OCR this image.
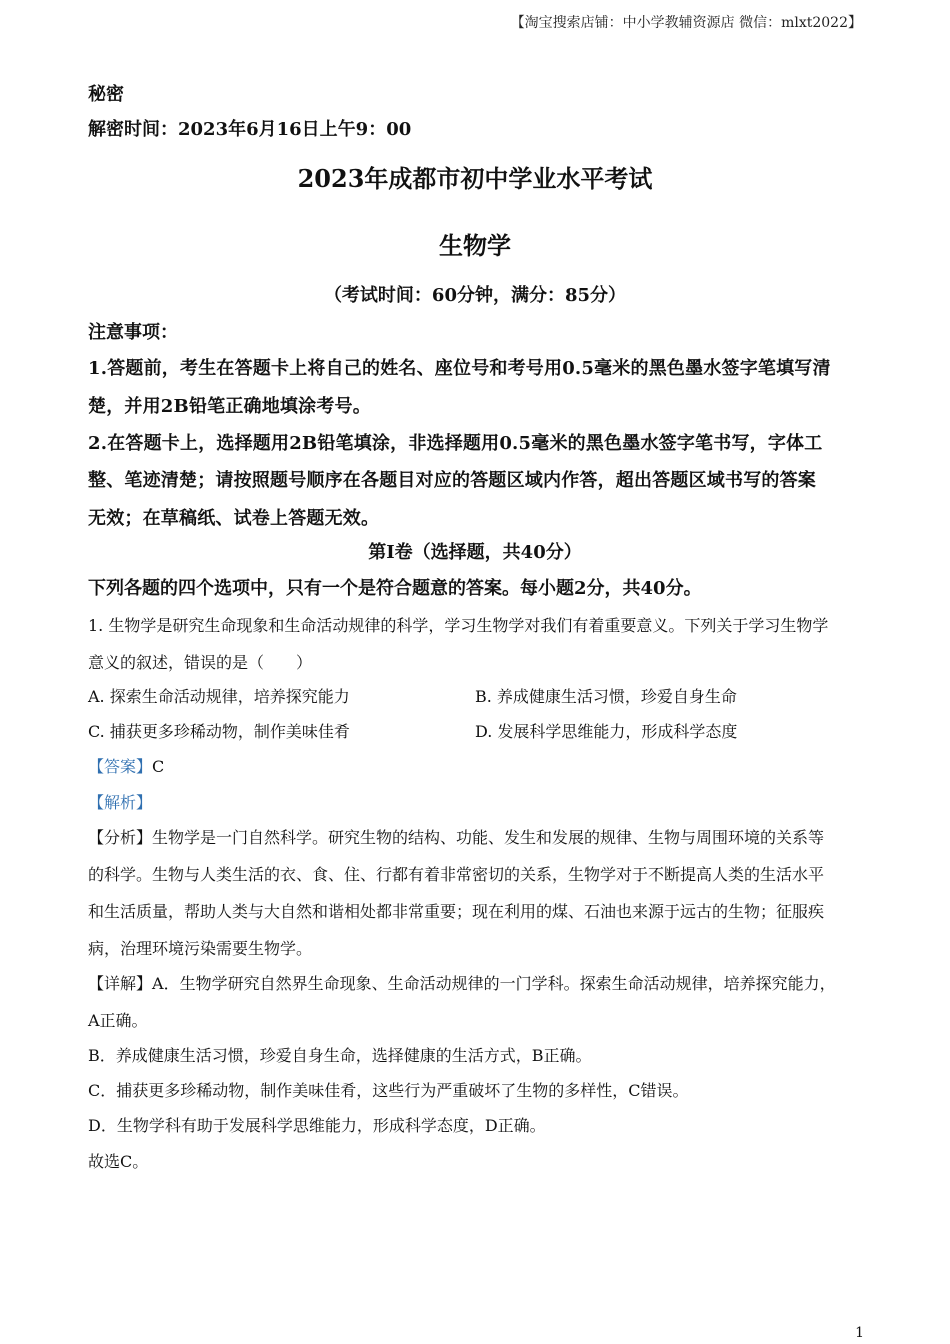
【淘宝搜索店铺：中小学教辅资源店 微信：mlxt2022】
秘密
解密时间：2023年6月16日上午9：00
2023年成都市初中学业水平考试
生物学
（考试时间：60分钟，满分：85分）
注意事项：
1.答题前，考生在答题卡上将自己的姓名、座位号和考号用0.5毫米的黑色墨水签字笔填写清
楚，并用2B铅笔正确地填涂考号。
2.在答题卡上，选择题用2B铅笔填涂，非选择题用0.5毫米的黑色墨水签字笔书写，字体工
整、笔迹清楚；请按照题号顺序在各题目对应的答题区域内作答，超出答题区域书写的答案
无效；在草稿纸、试卷上答题无效。
第I卷（选择题，共40分）
下列各题的四个选项中，只有一个是符合题意的答案。每小题2分，共40分。
1. 生物学是研究生命现象和生命活动规律的科学，学习生物学对我们有着重要意义。下列关于学习生物学
意义的叙述，错误的是（　　）
A. 探索生命活动规律，培养探究能力	B. 养成健康生活习惯，珍爱自身生命
C. 捕获更多珍稀动物，制作美味佳肴	D. 发展科学思维能力，形成科学态度
【答案】C
【解析】
【分析】生物学是一门自然科学。研究生物的结构、功能、发生和发展的规律、生物与周围环境的关系等
的科学。生物与人类生活的衣、食、住、行都有着非常密切的关系，生物学对于不断提高人类的生活水平
和生活质量，帮助人类与大自然和谐相处都非常重要；现在利用的煤、石油也来源于远古的生物；征服疾
病，治理环境污染需要生物学。
【详解】A．生物学研究自然界生命现象、生命活动规律的一门学科。探索生命活动规律，培养探究能力，
A正确。
B．养成健康生活习惯，珍爱自身生命，选择健康的生活方式，B正确。
C．捕获更多珍稀动物，制作美味佳肴，这些行为严重破坏了生物的多样性，C错误。
D．生物学科有助于发展科学思维能力，形成科学态度，D正确。
故选C。
1
